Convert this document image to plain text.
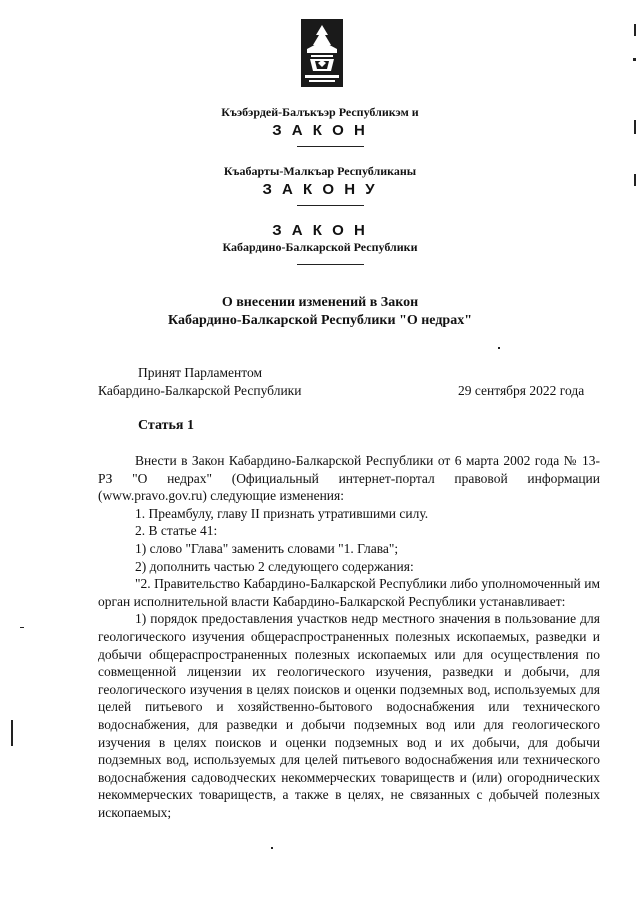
Къэбэрдей-Балъкъэр Республикэм и
З А К О Н
Къабарты-Малкъар Республиканы
З А К О Н У
З А К О Н
Кабардино-Балкарской Республики
О внесении изменений в Закон
Кабардино-Балкарской Республики "О недрах"
Принят Парламентом
Кабардино-Балкарской Республики	29 сентября 2022 года
Статья 1

Внести в Закон Кабардино-Балкарской Республики от 6 марта 2002 года № 13-РЗ "О недрах" (Официальный интернет-портал правовой информации (www.pravo.gov.ru) следующие изменения:

1. Преамбулу, главу II признать утратившими силу.

2. В статье 41:

1) слово "Глава" заменить словами "1. Глава";

2) дополнить частью 2 следующего содержания:

"2. Правительство Кабардино-Балкарской Республики либо уполномоченный им орган исполнительной власти Кабардино-Балкарской Республики устанавливает:

1) порядок предоставления участков недр местного значения в пользование для геологического изучения общераспространенных полезных ископаемых, разведки и добычи общераспространенных полезных ископаемых или для осуществления по совмещенной лицензии их геологического изучения, разведки и добычи, для геологического изучения в целях поисков и оценки подземных вод, используемых для целей питьевого и хозяйственно-бытового водоснабжения или технического водоснабжения, для разведки и добычи подземных вод или для геологического изучения в целях поисков и оценки подземных вод и их добычи, для добычи подземных вод, используемых для целей питьевого водоснабжения или технического водоснабжения садоводческих некоммерческих товариществ и (или) огороднических некоммерческих товариществ, а также в целях, не связанных с добычей полезных ископаемых;
